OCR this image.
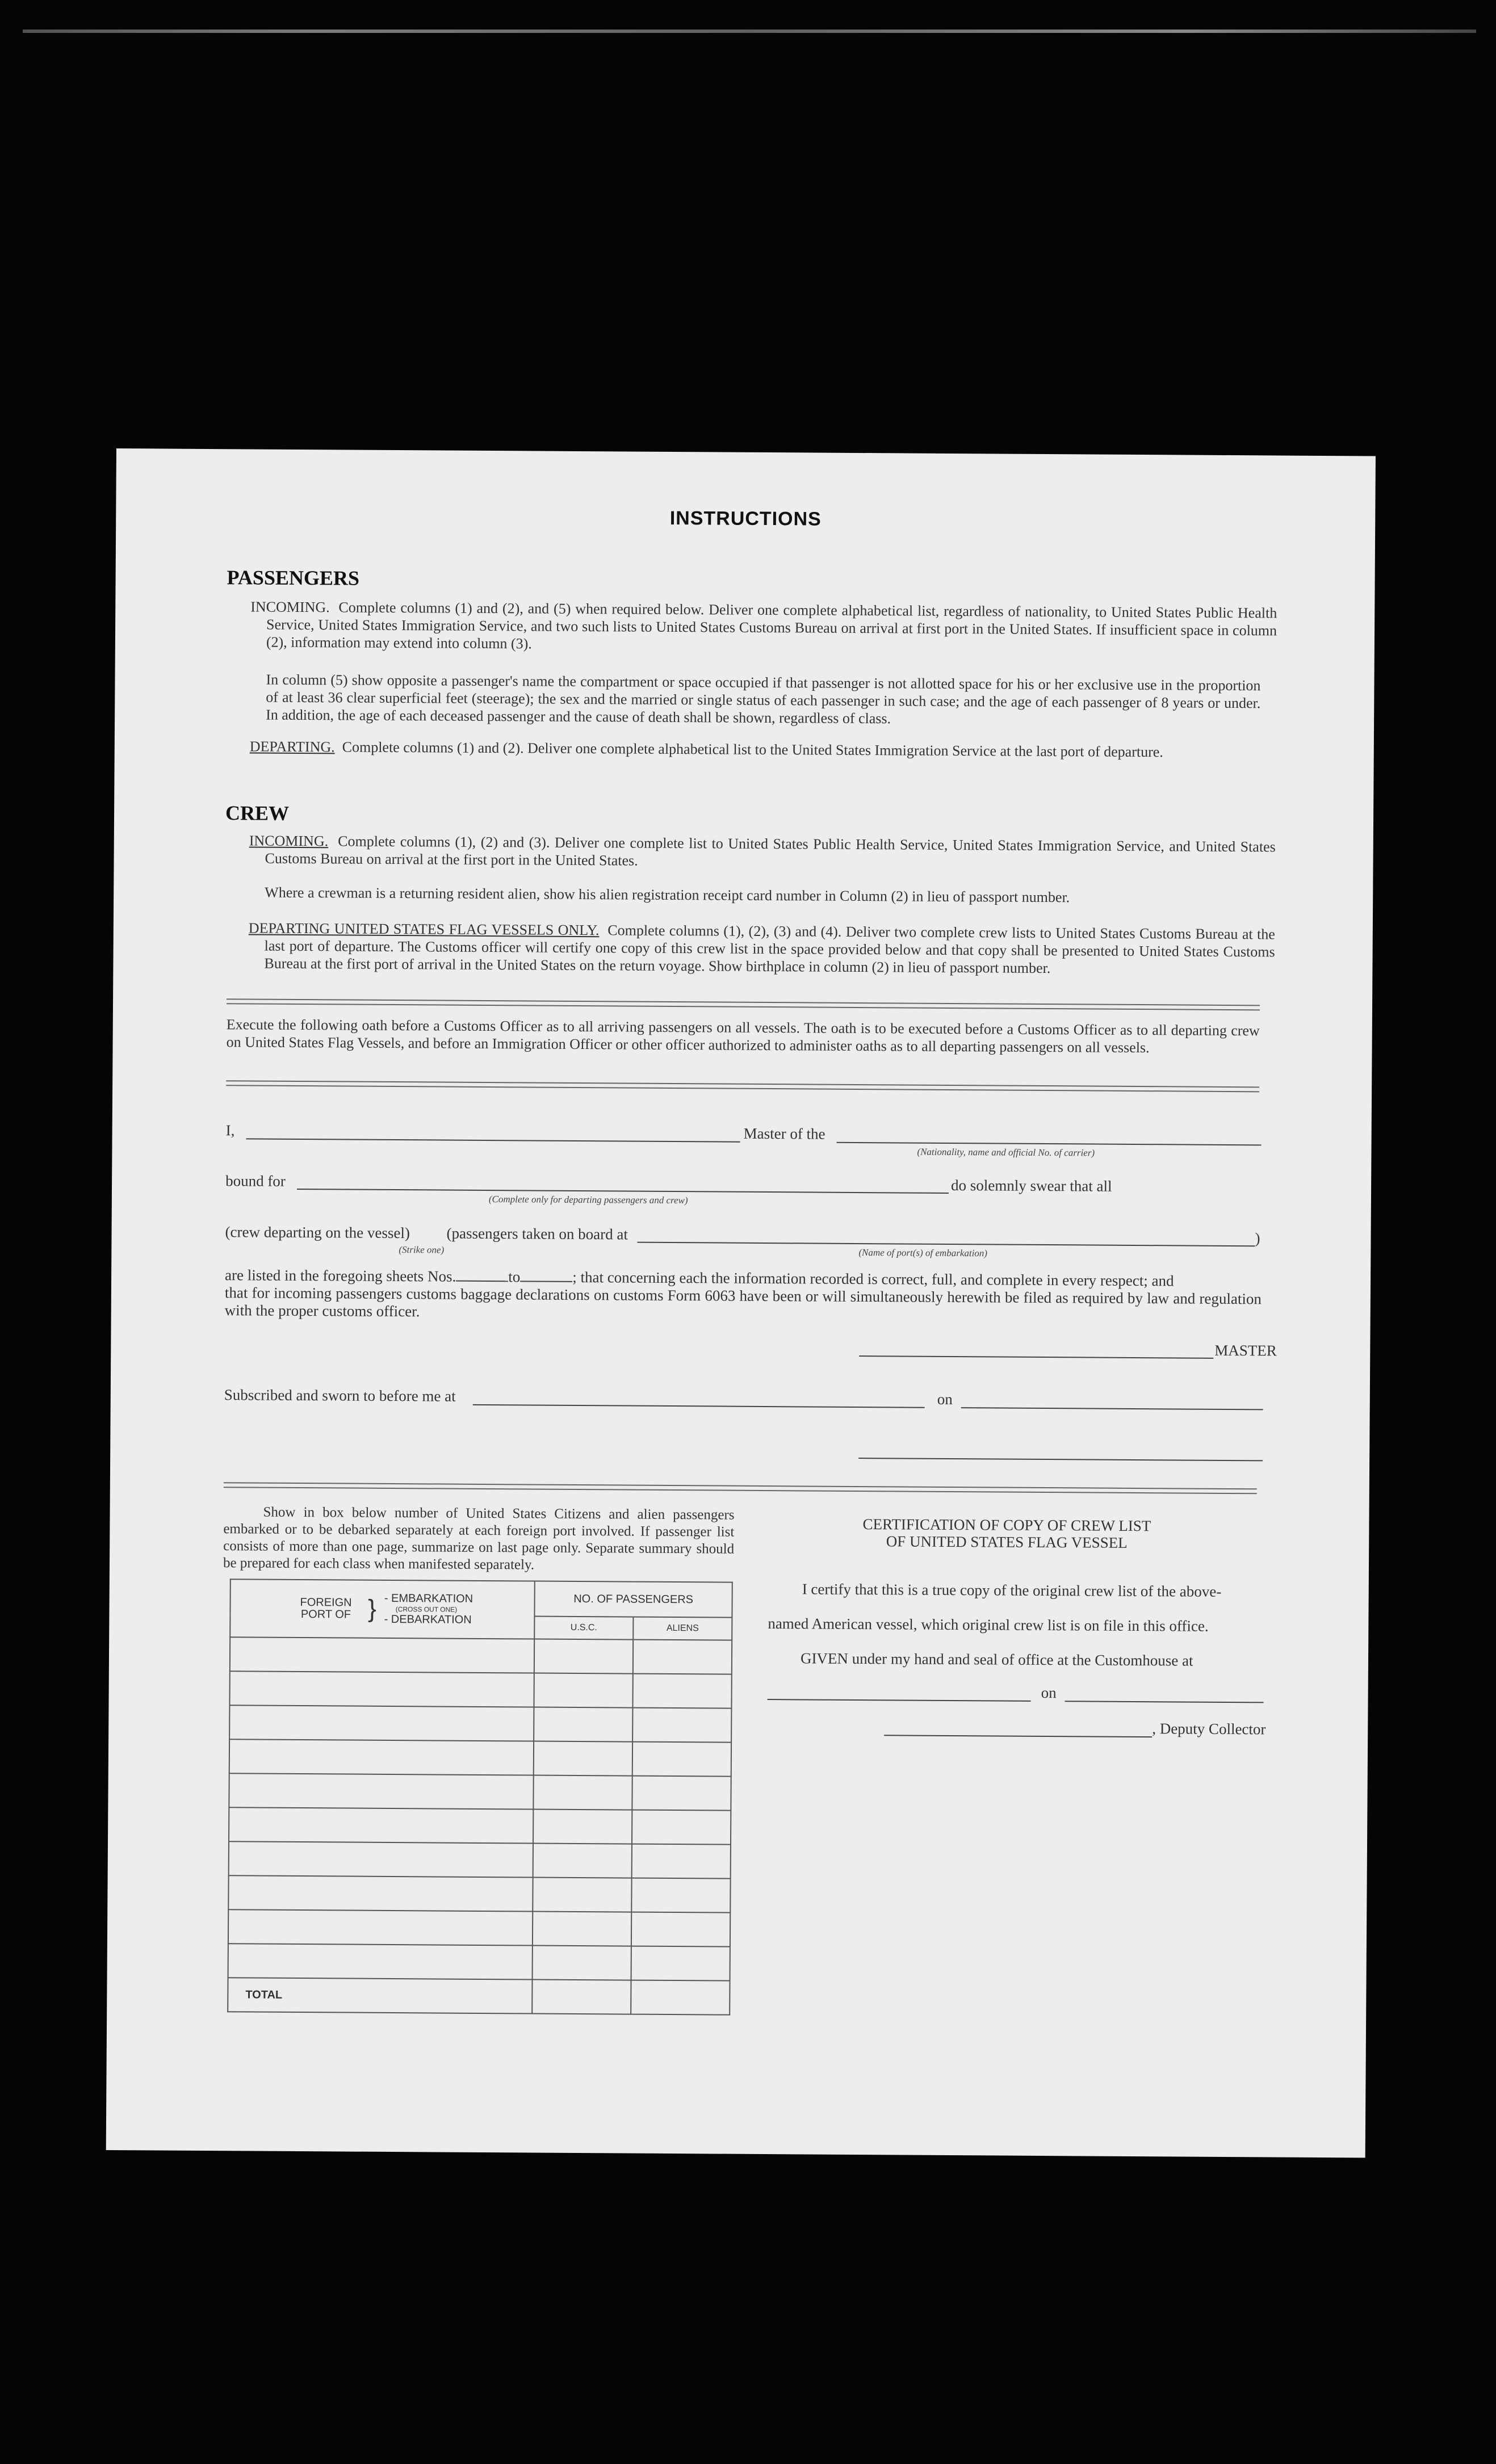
INSTRUCTIONS
PASSENGERS
INCOMING. Complete columns (1) and (2), and (5) when required below. Deliver one complete alphabetical list, regardless of nationality, to United States Public Health Service, United States Immigration Service, and two such lists to United States Customs Bureau on arrival at first port in the United States. If insufficient space in column (2), information may extend into column (3).
In column (5) show opposite a passenger's name the compartment or space occupied if that passenger is not allotted space for his or her exclusive use in the proportion of at least 36 clear superficial feet (steerage); the sex and the married or single status of each passenger in such case; and the age of each passenger of 8 years or under. In addition, the age of each deceased passenger and the cause of death shall be shown, regardless of class.
DEPARTING. Complete columns (1) and (2). Deliver one complete alphabetical list to the United States Immigration Service at the last port of departure.
CREW
INCOMING. Complete columns (1), (2) and (3). Deliver one complete list to United States Public Health Service, United States Immigration Service, and United States Customs Bureau on arrival at the first port in the United States.
Where a crewman is a returning resident alien, show his alien registration receipt card number in Column (2) in lieu of passport number.
DEPARTING UNITED STATES FLAG VESSELS ONLY. Complete columns (1), (2), (3) and (4). Deliver two complete crew lists to United States Customs Bureau at the last port of departure. The Customs officer will certify one copy of this crew list in the space provided below and that copy shall be presented to United States Customs Bureau at the first port of arrival in the United States on the return voyage. Show birthplace in column (2) in lieu of passport number.
Execute the following oath before a Customs Officer as to all arriving passengers on all vessels. The oath is to be executed before a Customs Officer as to all departing crew on United States Flag Vessels, and before an Immigration Officer or other officer authorized to administer oaths as to all departing passengers on all vessels.
I,	Master of the
(Nationality, name and official No. of carrier)
bound for
(Complete only for departing passengers and crew)
do solemnly swear that all
(crew departing on the vessel) (passengers taken on board at	)
(Strike one)	(Name of port(s) of embarkation)
are listed in the foregoing sheets Nos.	to	; that concerning each the information recorded is correct, full, and complete in every respect; and
that for incoming passengers customs baggage declarations on customs Form 6063 have been or will simultaneously herewith be filed as required by law and regulation with the proper customs officer.
MASTER
Subscribed and sworn to before me at	on
Show in box below number of United States Citizens and alien passengers embarked or to be debarked separately at each foreign port involved. If passenger list consists of more than one page, summarize on last page only. Separate summary should be prepared for each class when manifested separately.
FOREIGN PORT OF } - EMBARKATION
(CROSS OUT ONE)
- DEBARKATION	NO. OF PASSENGERS	
	U.S.C.	ALIENS

TOTAL		
CERTIFICATION OF COPY OF CREW LIST
OF UNITED STATES FLAG VESSEL
I certify that this is a true copy of the original crew list of the above-
named American vessel, which original crew list is on file in this office.
GIVEN under my hand and seal of office at the Customhouse at
on
, Deputy Collector
